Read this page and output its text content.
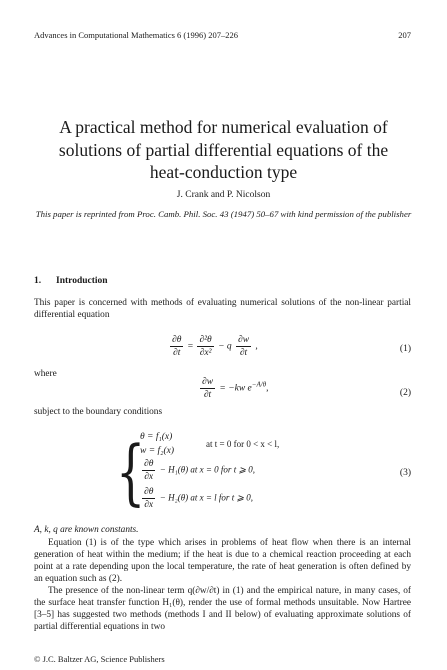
Advances in Computational Mathematics 6 (1996) 207–226	207
A practical method for numerical evaluation of solutions of partial differential equations of the heat-conduction type
J. Crank and P. Nicolson
This paper is reprinted from Proc. Camb. Phil. Soc. 43 (1947) 50–67 with kind permission of the publisher
1. Introduction
This paper is concerned with methods of evaluating numerical solutions of the non-linear partial differential equation
$\frac{\partial\theta}{\partial t} = \frac{\text{∂²θ}}{\text{∂x²}} - q \frac{\partial w}{\partial t}$ ,	(1)
where
$\frac{\partial w}{\partial t} = -kw$ $e^{-A/\theta}$,	(2)
subject to the boundary conditions
{
θ = f₁(x)
w = f₂(x)
at t = 0 for 0 < x < l,
$\frac{\partial\theta}{\partial x} - H_1(\theta)$ at x = 0 for t ⩾ 0,
$\frac{\partial\theta}{\partial x} - H_2(\theta)$ at x = l for t ⩾ 0,
(3)
A, k, q are known constants.
Equation (1) is of the type which arises in problems of heat flow when there is an internal generation of heat within the medium; if the heat is due to a chemical reaction proceeding at each point at a rate depending upon the local temperature, the rate of heat generation is often defined by an equation such as (2).
The presence of the non-linear term q(∂w/∂t) in (1) and the empirical nature, in many cases, of the surface heat transfer function H₁(θ), render the use of formal methods unsuitable. Now Hartree [3–5] has suggested two methods (methods I and II below) of evaluating approximate solutions of partial differential equations in two
© J.C. Baltzer AG, Science Publishers
